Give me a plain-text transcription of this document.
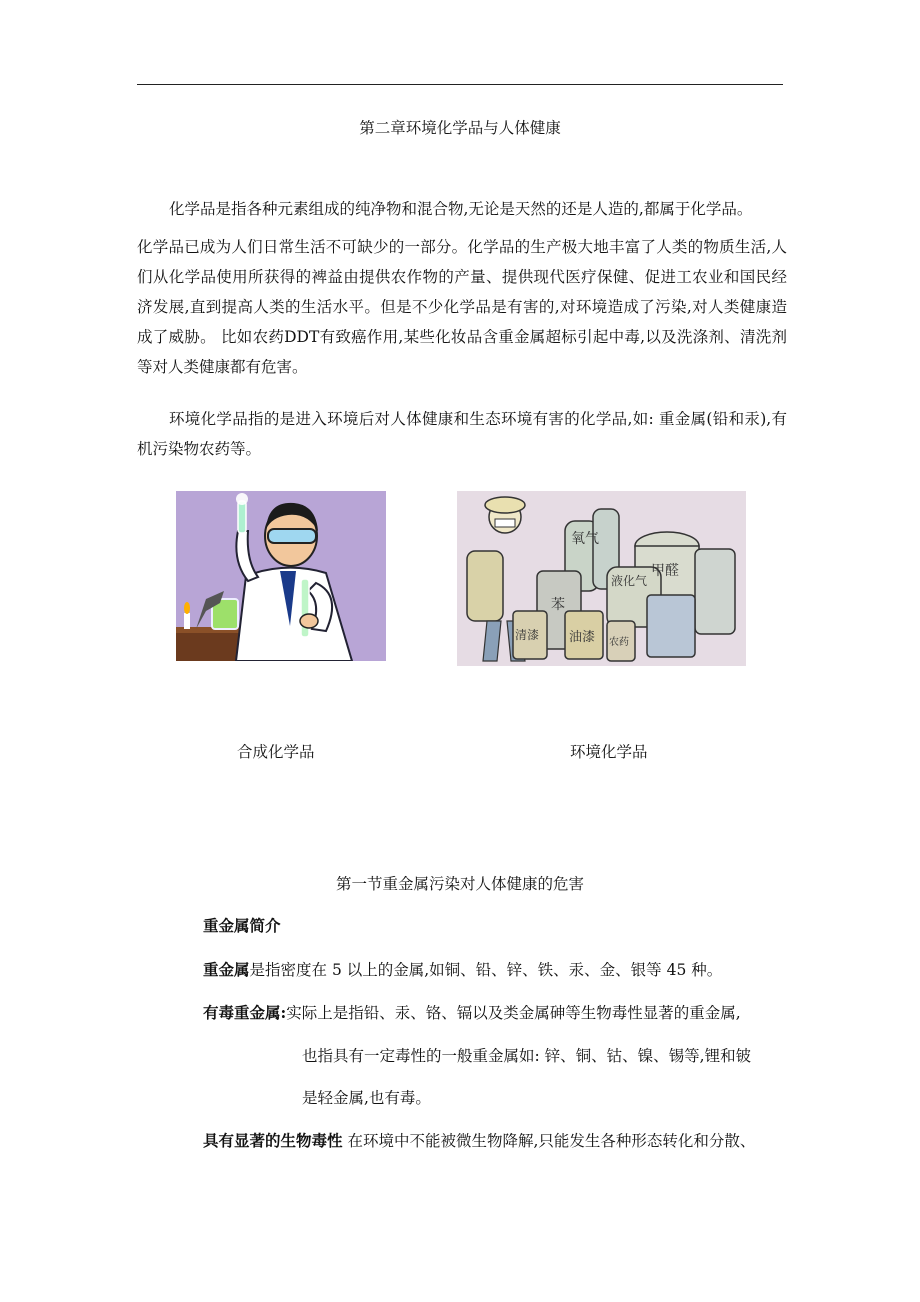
第二章环境化学品与人体健康
化学品是指各种元素组成的纯净物和混合物,无论是天然的还是人造的,都属于化学品。
化学品已成为人们日常生活不可缺少的一部分。化学品的生产极大地丰富了人类的物质生活,人们从化学品使用所获得的裨益由提供农作物的产量、提供现代医疗保健、促进工农业和国民经济发展,直到提高人类的生活水平。但是不少化学品是有害的,对环境造成了污染,对人类健康造成了威胁。 比如农药DDT有致癌作用,某些化妆品含重金属超标引起中毒,以及洗涤剂、清洗剂等对人类健康都有危害。
环境化学品指的是进入环境后对人体健康和生态环境有害的化学品,如: 重金属(铅和汞),有机污染物农药等。
氧气
液化气
甲醛
苯
油漆
清漆
农药
合成化学品	环境化学品
第一节重金属污染对人体健康的危害
重金属简介
重金属是指密度在 5 以上的金属,如铜、铅、锌、铁、汞、金、银等 45 种。
有毒重金属:实际上是指铅、汞、铬、镉以及类金属砷等生物毒性显著的重金属,
也指具有一定毒性的一般重金属如: 锌、铜、钴、镍、锡等,锂和铍
是轻金属,也有毒。
具有显著的生物毒性 在环境中不能被微生物降解,只能发生各种形态转化和分散、
